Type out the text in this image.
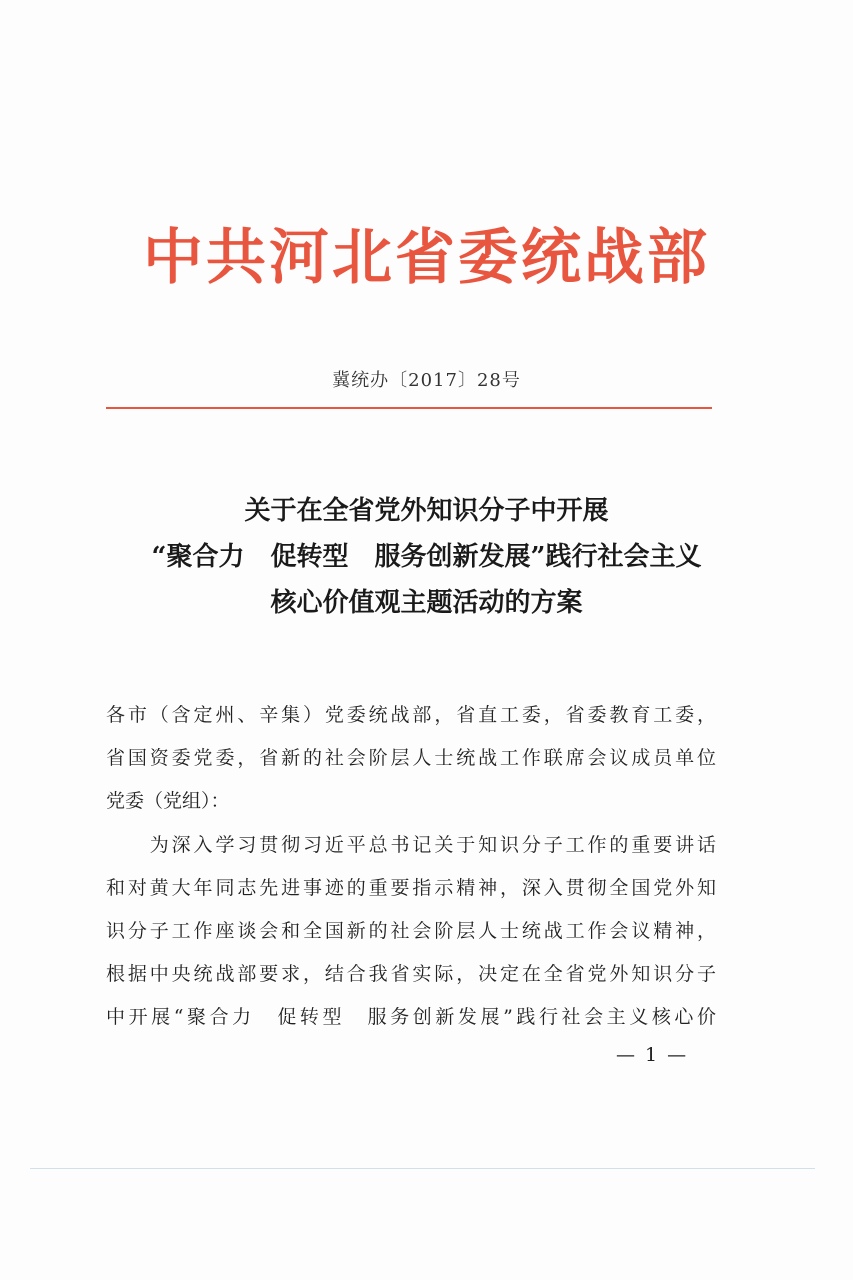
中共河北省委统战部
冀统办〔2017〕28号
关于在全省党外知识分子中开展
“聚合力　促转型　服务创新发展”践行社会主义
核心价值观主题活动的方案
各市（含定州、辛集）党委统战部，省直工委，省委教育工委，
省国资委党委，省新的社会阶层人士统战工作联席会议成员单位
党委（党组）：
　　为深入学习贯彻习近平总书记关于知识分子工作的重要讲话
和对黄大年同志先进事迹的重要指示精神，深入贯彻全国党外知
识分子工作座谈会和全国新的社会阶层人士统战工作会议精神，
根据中央统战部要求，结合我省实际，决定在全省党外知识分子
中开展“聚合力　促转型　服务创新发展”践行社会主义核心价
— 1 —
